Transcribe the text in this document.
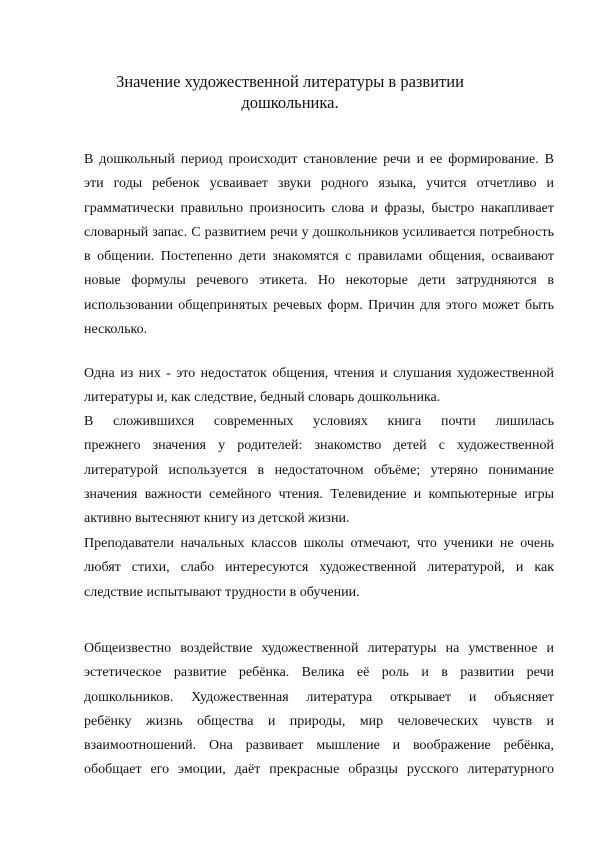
Значение художественной литературы в развитии
дошкольника.
В дошкольный период происходит становление речи и ее формирование. В
эти годы ребенок усваивает звуки родного языка, учится отчетливо и
грамматически правильно произносить слова и фразы, быстро накапливает
словарный запас. С развитием речи у дошкольников усиливается потребность
в общении. Постепенно дети знакомятся с правилами общения, осваивают
новые формулы речевого этикета. Но некоторые дети затрудняются в
использовании общепринятых речевых форм. Причин для этого может быть
несколько.
Одна из них - это недостаток общения, чтения и слушания художественной
литературы и, как следствие, бедный словарь дошкольника.
В сложившихся современных условиях книга почти лишилась
прежнего значения у родителей: знакомство детей с художественной
литературой используется в недостаточном объёме; утеряно понимание
значения важности семейного чтения. Телевидение и компьютерные игры
активно вытесняют книгу из детской жизни.
Преподаватели начальных классов школы отмечают, что ученики не очень
любят стихи, слабо интересуются художественной литературой, и как
следствие испытывают трудности в обучении.
Общеизвестно воздействие художественной литературы на умственное и
эстетическое развитие ребёнка. Велика её роль и в развитии речи
дошкольников. Художественная литература открывает и объясняет
ребёнку жизнь общества и природы, мир человеческих чувств и
взаимоотношений. Она развивает мышление и воображение ребёнка,
обобщает его эмоции, даёт прекрасные образцы русского литературного
